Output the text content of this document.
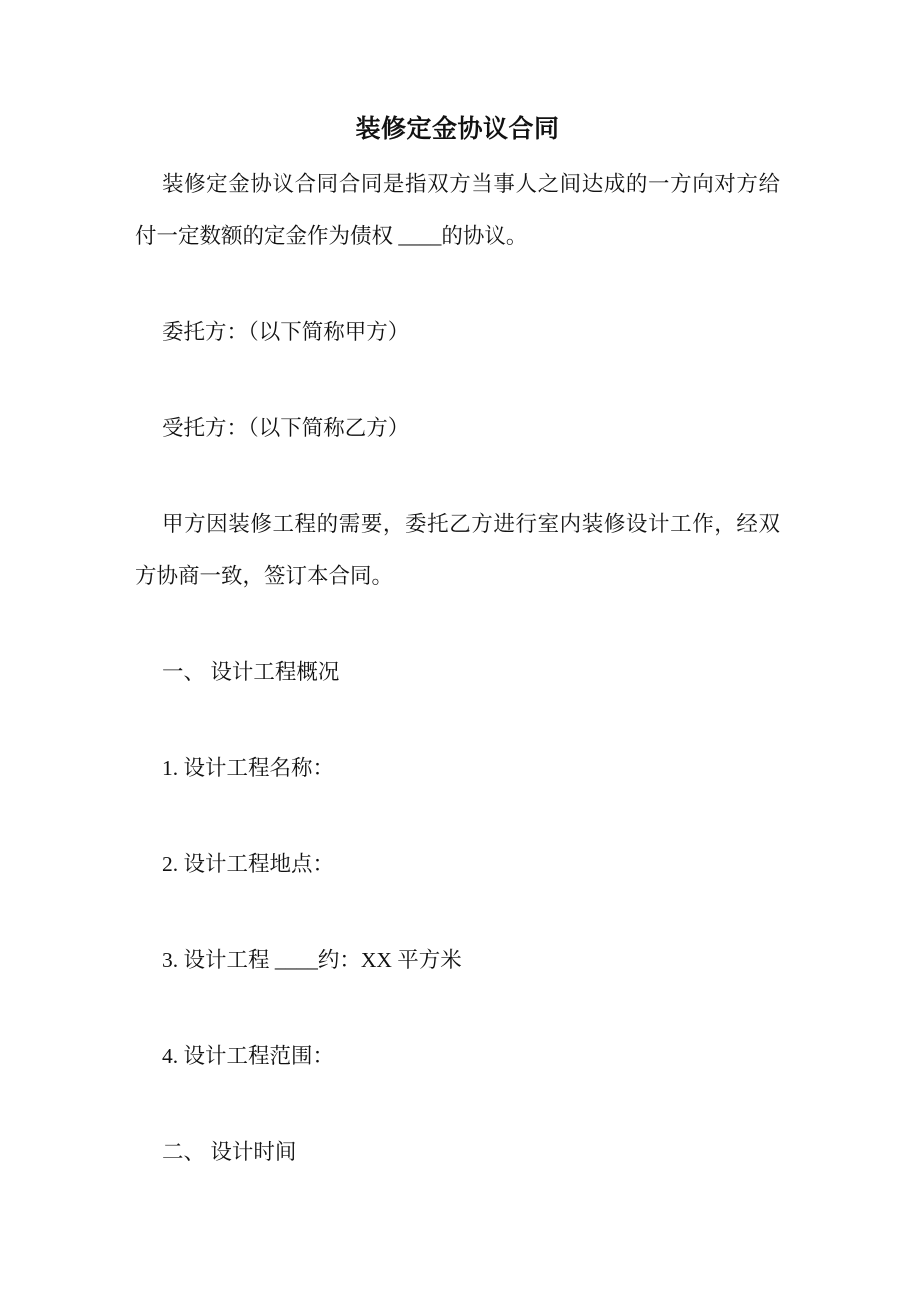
装修定金协议合同

装修定金协议合同合同是指双方当事人之间达成的一方向对方给付一定数额的定金作为债权 ____的协议。

委托方：（以下简称甲方）

受托方：（以下简称乙方）

甲方因装修工程的需要，委托乙方进行室内装修设计工作，经双方协商一致，签订本合同。

一、 设计工程概况

1. 设计工程名称：

2. 设计工程地点：

3. 设计工程 ____约：XX 平方米

4. 设计工程范围：

二、 设计时间
